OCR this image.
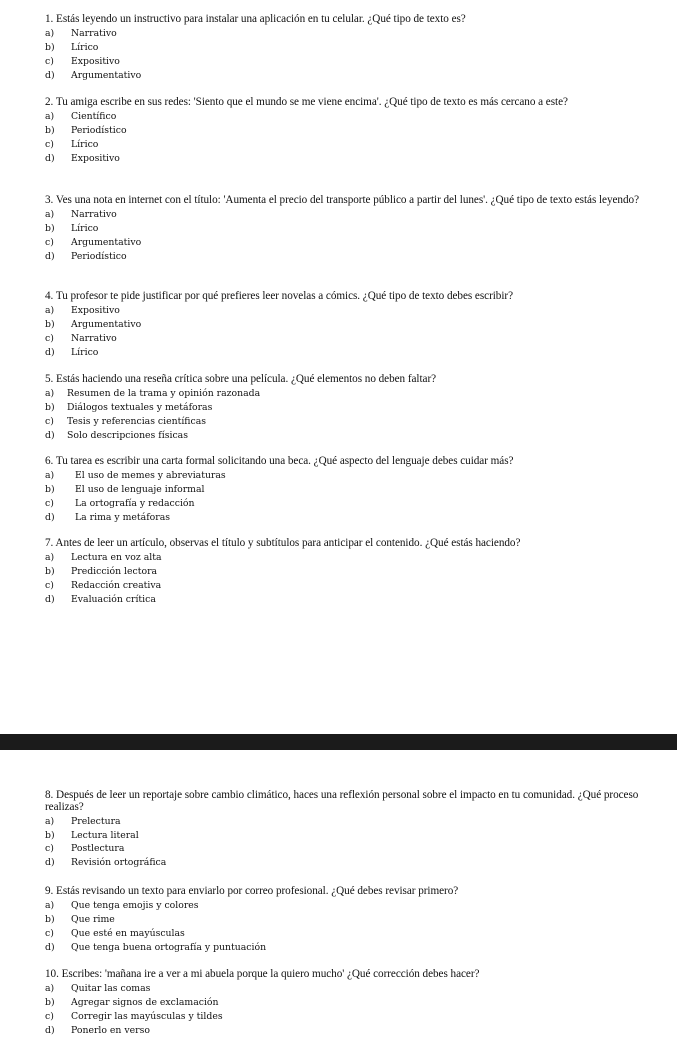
1. Estás leyendo un instructivo para instalar una aplicación en tu celular. ¿Qué tipo de texto es?

a)	Narrativo
b)	Lírico
c)	Expositivo
d)	Argumentativo

2. Tu amiga escribe en sus redes: 'Siento que el mundo se me viene encima'. ¿Qué tipo de texto es más cercano a este?

a)	Científico
b)	Periodístico
c)	Lírico
d)	Expositivo

3. Ves una nota en internet con el título: 'Aumenta el precio del transporte público a partir del lunes'. ¿Qué tipo de texto estás leyendo?

a)	Narrativo
b)	Lírico
c)	Argumentativo
d)	Periodístico

4. Tu profesor te pide justificar por qué prefieres leer novelas a cómics. ¿Qué tipo de texto debes escribir?

a)	Expositivo
b)	Argumentativo
c)	Narrativo
d)	Lírico

5. Estás haciendo una reseña crítica sobre una película. ¿Qué elementos no deben faltar?

a)	Resumen de la trama y opinión razonada
b)	Diálogos textuales y metáforas
c)	Tesis y referencias científicas
d)	Solo descripciones físicas

6. Tu tarea es escribir una carta formal solicitando una beca. ¿Qué aspecto del lenguaje debes cuidar más?

a)	El uso de memes y abreviaturas
b)	El uso de lenguaje informal
c)	La ortografía y redacción
d)	La rima y metáforas

7. Antes de leer un artículo, observas el título y subtítulos para anticipar el contenido. ¿Qué estás haciendo?

a)	Lectura en voz alta
b)	Predicción lectora
c)	Redacción creativa
d)	Evaluación crítica

8. Después de leer un reportaje sobre cambio climático, haces una reflexión personal sobre el impacto en tu comunidad. ¿Qué proceso realizas?

a)	Prelectura
b)	Lectura literal
c)	Postlectura
d)	Revisión ortográfica

9. Estás revisando un texto para enviarlo por correo profesional. ¿Qué debes revisar primero?

a)	Que tenga emojis y colores
b)	Que rime
c)	Que esté en mayúsculas
d)	Que tenga buena ortografía y puntuación

10. Escribes: 'mañana ire a ver a mi abuela porque la quiero mucho' ¿Qué corrección debes hacer?

a)	Quitar las comas
b)	Agregar signos de exclamación
c)	Corregir las mayúsculas y tildes
d)	Ponerlo en verso
